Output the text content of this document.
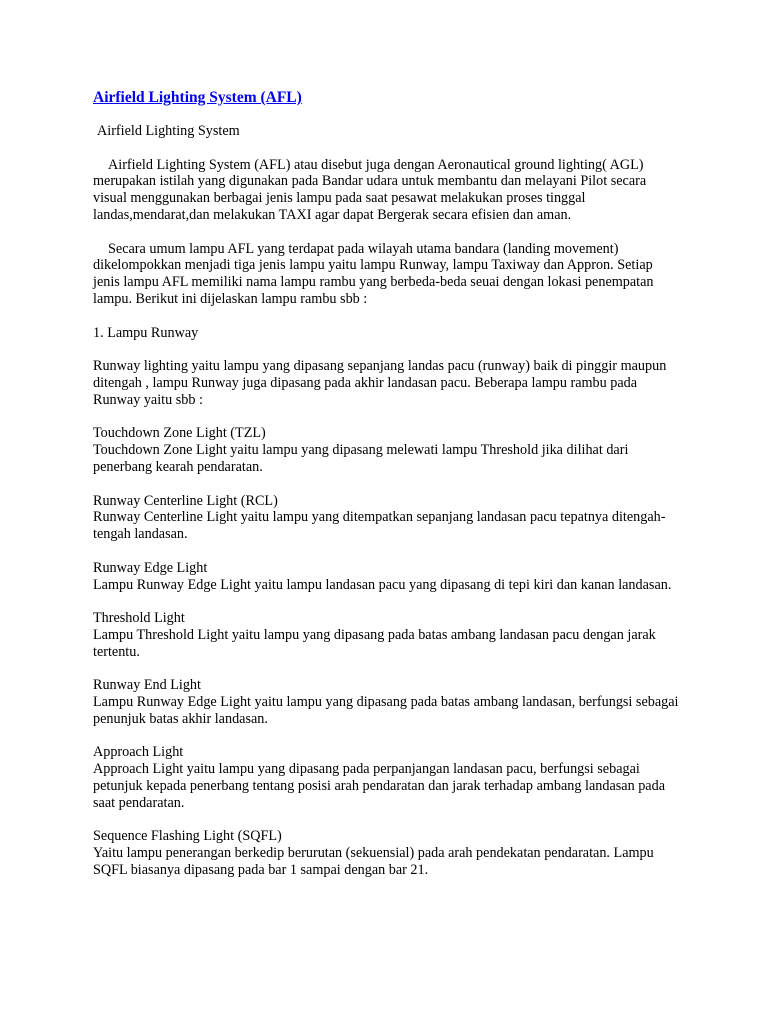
Airfield Lighting System (AFL)

Airfield Lighting System

Airfield Lighting System (AFL) atau disebut juga dengan Aeronautical ground lighting( AGL) merupakan istilah yang digunakan pada Bandar udara untuk membantu dan melayani Pilot secara visual menggunakan berbagai jenis lampu pada saat pesawat melakukan proses tinggal landas,mendarat,dan melakukan TAXI agar dapat Bergerak secara efisien dan aman.

Secara umum lampu AFL yang terdapat pada wilayah utama bandara (landing movement) dikelompokkan menjadi tiga jenis lampu yaitu lampu Runway, lampu Taxiway dan Appron. Setiap jenis lampu AFL memiliki nama lampu rambu yang berbeda-beda seuai dengan lokasi penempatan lampu. Berikut ini dijelaskan lampu rambu sbb :

1. Lampu Runway

Runway lighting yaitu lampu yang dipasang sepanjang landas pacu (runway) baik di pinggir maupun ditengah , lampu Runway juga dipasang pada akhir landasan pacu. Beberapa lampu rambu pada Runway yaitu sbb :

Touchdown Zone Light (TZL)
Touchdown Zone Light yaitu lampu yang dipasang melewati lampu Threshold jika dilihat dari penerbang kearah pendaratan.
Runway Centerline Light (RCL)
Runway Centerline Light yaitu lampu yang ditempatkan sepanjang landasan pacu tepatnya ditengah-tengah landasan.
Runway Edge Light
Lampu Runway Edge Light yaitu lampu landasan pacu yang dipasang di tepi kiri dan kanan landasan.
Threshold Light
Lampu Threshold Light yaitu lampu yang dipasang pada batas ambang landasan pacu dengan jarak tertentu.
Runway End Light
Lampu Runway Edge Light yaitu lampu yang dipasang pada batas ambang landasan, berfungsi sebagai penunjuk batas akhir landasan.
Approach Light
Approach Light yaitu lampu yang dipasang pada perpanjangan landasan pacu, berfungsi sebagai petunjuk kepada penerbang tentang posisi arah pendaratan dan jarak terhadap ambang landasan pada saat pendaratan.
Sequence Flashing Light (SQFL)
Yaitu lampu penerangan berkedip berurutan (sekuensial) pada arah pendekatan pendaratan. Lampu SQFL biasanya dipasang pada bar 1 sampai dengan bar 21.
